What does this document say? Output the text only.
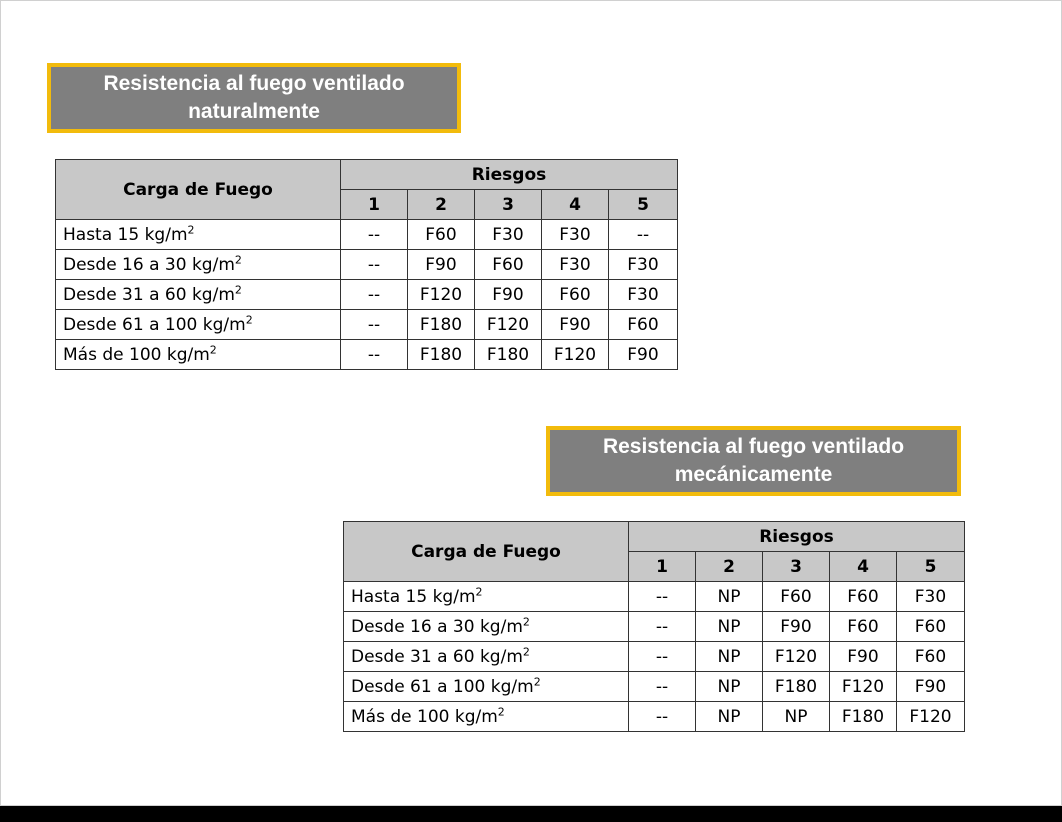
Resistencia al fuego ventilado
naturalmente
Carga de Fuego	Riesgos				
	1	2	3	4	5
Hasta 15 $kg/m^2$	--	F60	F30	F30	--
Desde 16 a 30 $kg/m^2$	--	F90	F60	F30	F30
Desde 31 a 60 $kg/m^2$	--	F120	F90	F60	F30
Desde 61 a 100 $kg/m^2$	--	F180	F120	F90	F60
Más de 100 $kg/m^2$	--	F180	F180	F120	F90
Resistencia al fuego ventilado
mecánicamente
Carga de Fuego	Riesgos				
	1	2	3	4	5
Hasta 15 $kg/m^2$	--	NP	F60	F60	F30
Desde 16 a 30 $kg/m^2$	--	NP	F90	F60	F60
Desde 31 a 60 $kg/m^2$	--	NP	F120	F90	F60
Desde 61 a 100 $kg/m^2$	--	NP	F180	F120	F90
Más de 100 $kg/m^2$	--	NP	NP	F180	F120
